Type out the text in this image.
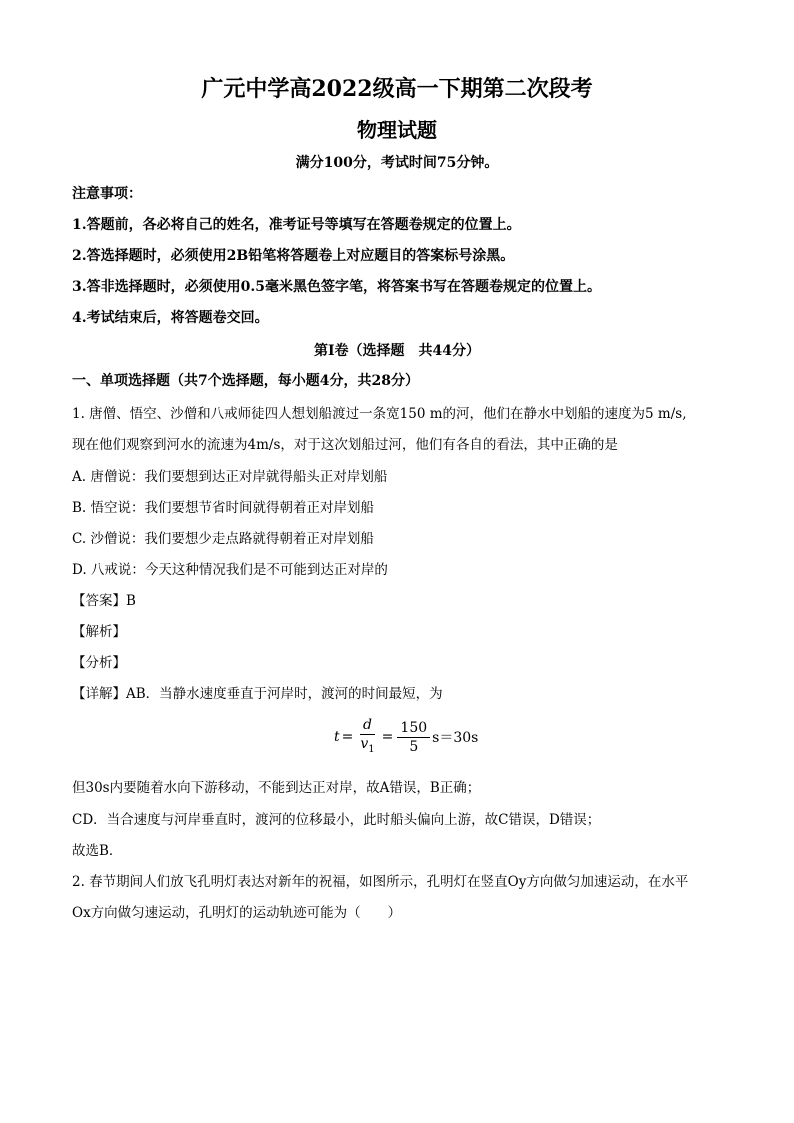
广元中学高2022级高一下期第二次段考
物理试题
满分100分，考试时间75分钟。
注意事项：
1.答题前，各必将自己的姓名，准考证号等填写在答题卷规定的位置上。
2.答选择题时，必须使用2B铅笔将答题卷上对应题目的答案标号涂黑。
3.答非选择题时，必须使用0.5毫米黑色签字笔，将答案书写在答题卷规定的位置上。
4.考试结束后，将答题卷交回。
第I卷（选择题　共44分）
一、单项选择题（共7个选择题，每小题4分，共28分）
1. 唐僧、悟空、沙僧和八戒师徒四人想划船渡过一条宽150 m的河，他们在静水中划船的速度为5 m/s,
现在他们观察到河水的流速为4m/s，对于这次划船过河，他们有各自的看法，其中正确的是
A. 唐僧说：我们要想到达正对岸就得船头正对岸划船
B. 悟空说：我们要想节省时间就得朝着正对岸划船
C. 沙僧说：我们要想少走点路就得朝着正对岸划船
D. 八戒说：今天这种情况我们是不可能到达正对岸的
【答案】B
【解析】
【分析】
【详解】AB．当静水速度垂直于河岸时，渡河的时间最短，为
$t = \frac{d}{v_1} = \frac{150}{5} s=30s$
但30s内要随着水向下游移动，不能到达正对岸，故A错误，B正确；
CD．当合速度与河岸垂直时，渡河的位移最小，此时船头偏向上游，故C错误，D错误；
故选B．
2. 春节期间人们放飞孔明灯表达对新年的祝福，如图所示，孔明灯在竖直Oy方向做匀加速运动，在水平
Ox方向做匀速运动，孔明灯的运动轨迹可能为（　　）
